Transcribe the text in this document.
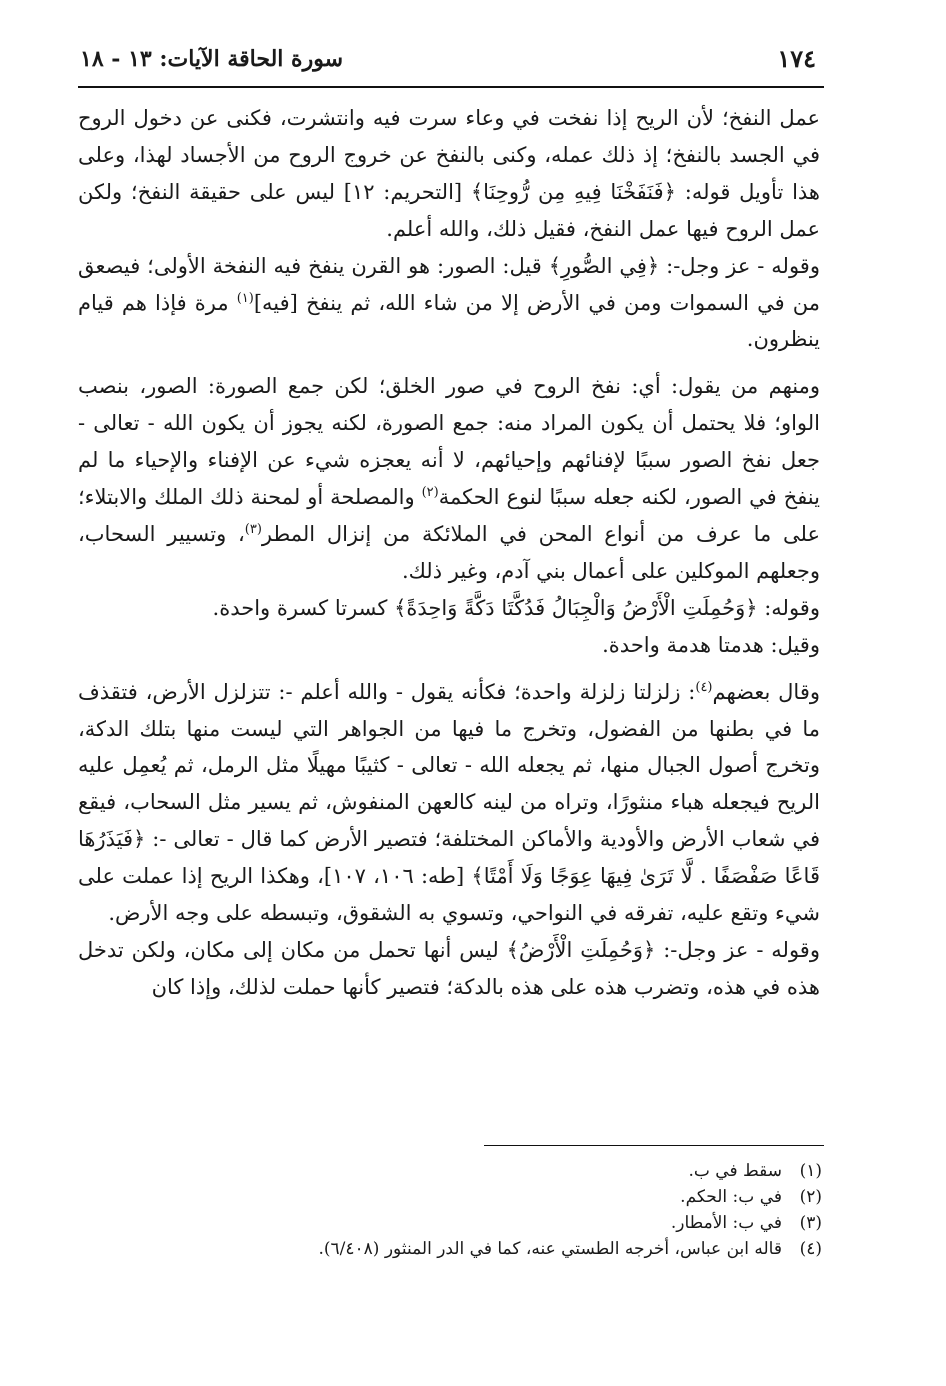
١٧٤
سورة الحاقة الآيات: ١٣ - ١٨

عمل النفخ؛ لأن الريح إذا نفخت في وعاء سرت فيه وانتشرت، فكنى عن دخول الروح في الجسد بالنفخ؛ إذ ذلك عمله، وكنى بالنفخ عن خروج الروح من الأجساد لهذا، وعلى هذا تأويل قوله: ﴿فَنَفَخْنَا فِيهِ مِن رُّوحِنَا﴾ [التحريم: ١٢] ليس على حقيقة النفخ؛ ولكن عمل الروح فيها عمل النفخ، فقيل ذلك، والله أعلم.

وقوله - عز وجل-: ﴿فِي الصُّورِ﴾ قيل: الصور: هو القرن ينفخ فيه النفخة الأولى؛ فيصعق من في السموات ومن في الأرض إلا من شاء الله، ثم ينفخ [فيه]$^{(١)}$ مرة فإذا هم قيام ينظرون.

ومنهم من يقول: أي: نفخ الروح في صور الخلق؛ لكن جمع الصورة: الصور، بنصب الواو؛ فلا يحتمل أن يكون المراد منه: جمع الصورة، لكنه يجوز أن يكون الله - تعالى - جعل نفخ الصور سببًا لإفنائهم وإحيائهم، لا أنه يعجزه شيء عن الإفناء والإحياء ما لم ينفخ في الصور، لكنه جعله سببًا لنوع الحكمة$^{(٢)}$ والمصلحة أو لمحنة ذلك الملك والابتلاء؛ على ما عرف من أنواع المحن في الملائكة من إنزال المطر$^{(٣)}$، وتسيير السحاب، وجعلهم الموكلين على أعمال بني آدم، وغير ذلك.

وقوله: ﴿وَحُمِلَتِ الْأَرْضُ وَالْجِبَالُ فَدُكَّتَا دَكَّةً وَاحِدَةً﴾ كسرتا كسرة واحدة.

وقيل: هدمتا هدمة واحدة.

وقال بعضهم$^{(٤)}$: زلزلتا زلزلة واحدة؛ فكأنه يقول - والله أعلم -: تتزلزل الأرض، فتقذف ما في بطنها من الفضول، وتخرج ما فيها من الجواهر التي ليست منها بتلك الدكة، وتخرج أصول الجبال منها، ثم يجعله الله - تعالى - كثيبًا مهيلًا مثل الرمل، ثم يُعمِل عليه الريح فيجعله هباء منثورًا، وتراه من لينه كالعهن المنفوش، ثم يسير مثل السحاب، فيقع في شعاب الأرض والأودية والأماكن المختلفة؛ فتصير الأرض كما قال - تعالى -: ﴿فَيَذَرُهَا قَاعًا صَفْصَفًا . لَّا تَرَىٰ فِيهَا عِوَجًا وَلَا أَمْتًا﴾ [طه: ١٠٦، ١٠٧]، وهكذا الريح إذا عملت على شيء وتقع عليه، تفرقه في النواحي، وتسوي به الشقوق، وتبسطه على وجه الأرض.

وقوله - عز وجل-: ﴿وَحُمِلَتِ الْأَرْضُ﴾ ليس أنها تحمل من مكان إلى مكان، ولكن تدخل هذه في هذه، وتضرب هذه على هذه بالدكة؛ فتصير كأنها حملت لذلك، وإذا كان

(١)
سقط في ب.
(٢)
في ب: الحكم.
(٣)
في ب: الأمطار.
(٤)
قاله ابن عباس، أخرجه الطستي عنه، كما في الدر المنثور (٦/٤٠٨).
